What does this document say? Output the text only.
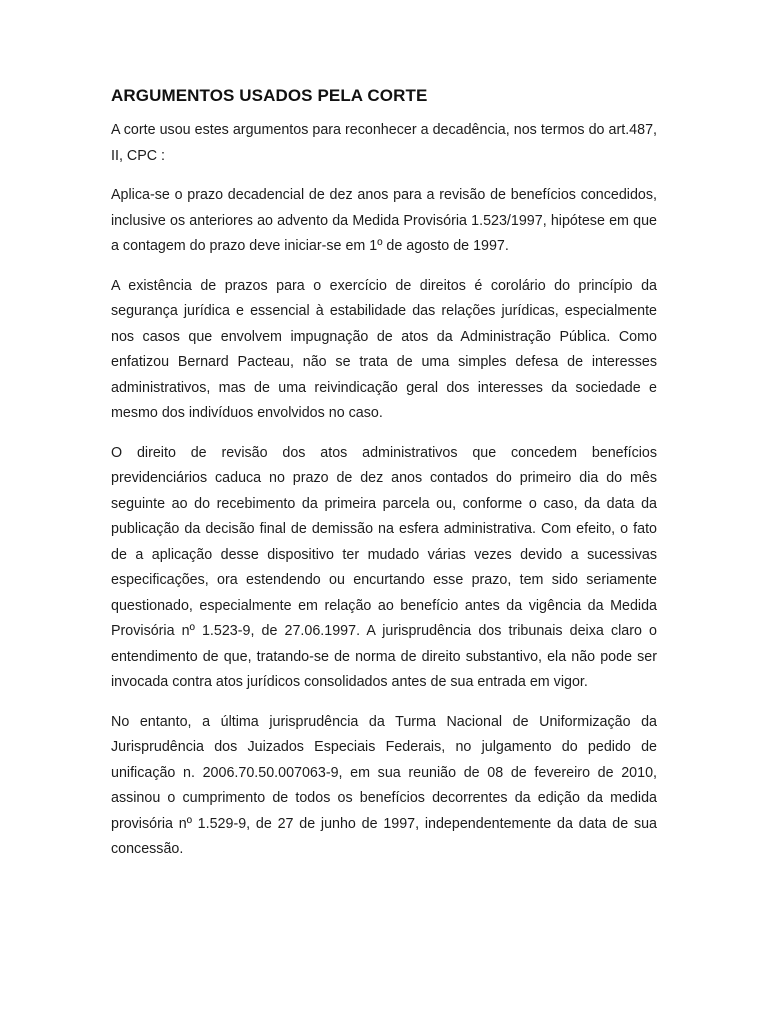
ARGUMENTOS USADOS PELA CORTE

A corte usou estes argumentos para reconhecer a decadência, nos termos do art.487, II, CPC :

Aplica-se o prazo decadencial de dez anos para a revisão de benefícios concedidos, inclusive os anteriores ao advento da Medida Provisória 1.523/1997, hipótese em que a contagem do prazo deve iniciar-se em 1º de agosto de 1997.

A existência de prazos para o exercício de direitos é corolário do princípio da segurança jurídica e essencial à estabilidade das relações jurídicas, especialmente nos casos que envolvem impugnação de atos da Administração Pública. Como enfatizou Bernard Pacteau, não se trata de uma simples defesa de interesses administrativos, mas de uma reivindicação geral dos interesses da sociedade e mesmo dos indivíduos envolvidos no caso.

O direito de revisão dos atos administrativos que concedem benefícios previdenciários caduca no prazo de dez anos contados do primeiro dia do mês seguinte ao do recebimento da primeira parcela ou, conforme o caso, da data da publicação da decisão final de demissão na esfera administrativa. Com efeito, o fato de a aplicação desse dispositivo ter mudado várias vezes devido a sucessivas especificações, ora estendendo ou encurtando esse prazo, tem sido seriamente questionado, especialmente em relação ao benefício antes da vigência da Medida Provisória nº 1.523-9, de 27.06.1997. A jurisprudência dos tribunais deixa claro o entendimento de que, tratando-se de norma de direito substantivo, ela não pode ser invocada contra atos jurídicos consolidados antes de sua entrada em vigor.

No entanto, a última jurisprudência da Turma Nacional de Uniformização da Jurisprudência dos Juizados Especiais Federais, no julgamento do pedido de unificação n. 2006.70.50.007063-9, em sua reunião de 08 de fevereiro de 2010, assinou o cumprimento de todos os benefícios decorrentes da edição da medida provisória nº 1.529-9, de 27 de junho de 1997, independentemente da data de sua concessão.
